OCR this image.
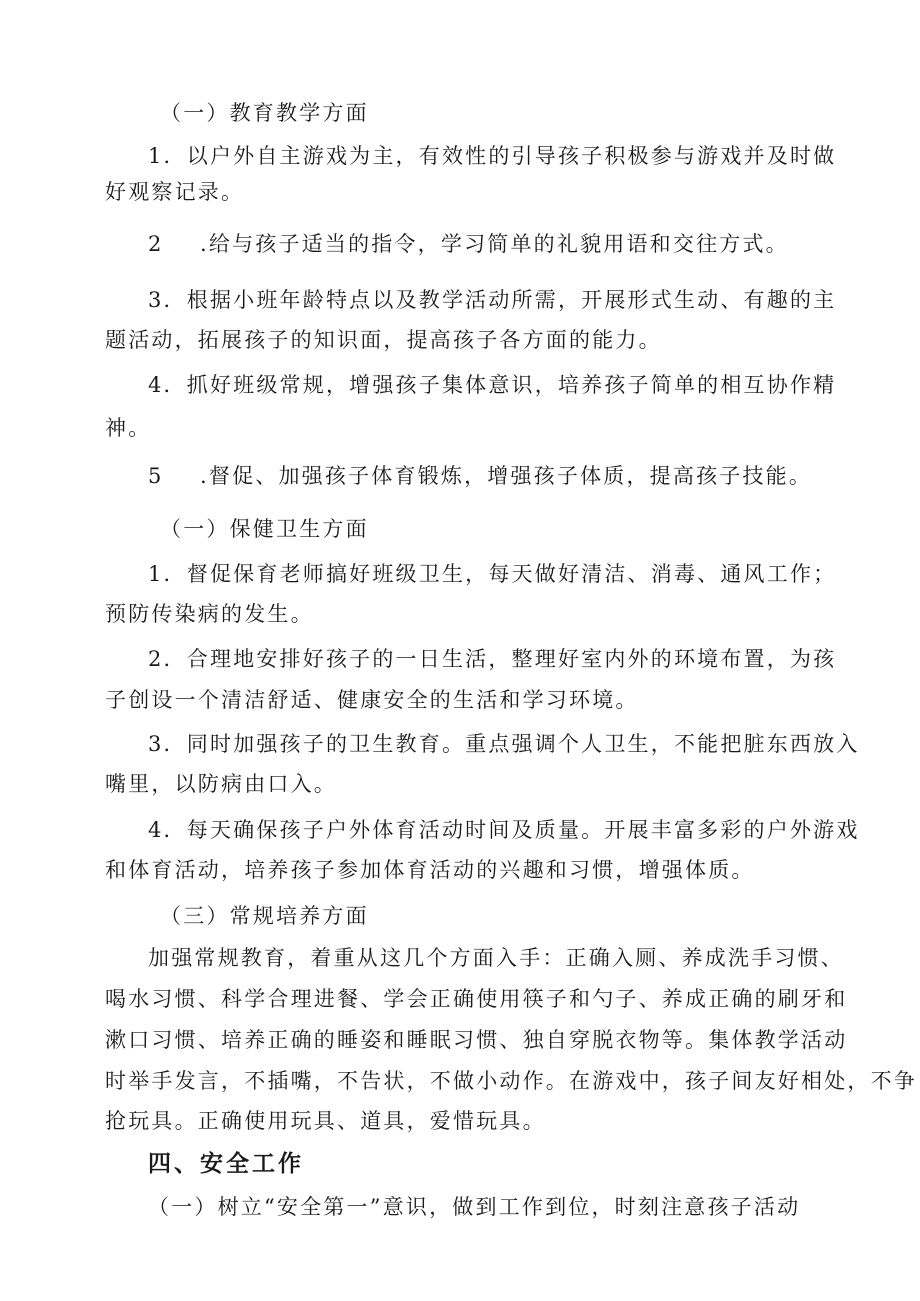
（一）教育教学方面
1．以户外自主游戏为主，有效性的引导孩子积极参与游戏并及时做
好观察记录。
2 .给与孩子适当的指令，学习简单的礼貌用语和交往方式。
3．根据小班年龄特点以及教学活动所需，开展形式生动、有趣的主
题活动，拓展孩子的知识面，提高孩子各方面的能力。
4．抓好班级常规，增强孩子集体意识，培养孩子简单的相互协作精
神。
5 .督促、加强孩子体育锻炼，增强孩子体质，提高孩子技能。
（一）保健卫生方面
1．督促保育老师搞好班级卫生，每天做好清洁、消毒、通风工作；
预防传染病的发生。
2．合理地安排好孩子的一日生活，整理好室内外的环境布置，为孩
子创设一个清洁舒适、健康安全的生活和学习环境。
3．同时加强孩子的卫生教育。重点强调个人卫生，不能把脏东西放入
嘴里，以防病由口入。
4．每天确保孩子户外体育活动时间及质量。开展丰富多彩的户外游戏
和体育活动，培养孩子参加体育活动的兴趣和习惯，增强体质。
（三）常规培养方面
加强常规教育，着重从这几个方面入手：正确入厕、养成洗手习惯、
喝水习惯、科学合理进餐、学会正确使用筷子和勺子、养成正确的刷牙和
漱口习惯、培养正确的睡姿和睡眠习惯、独自穿脱衣物等。集体教学活动
时举手发言，不插嘴，不告状，不做小动作。在游戏中，孩子间友好相处，不争
抢玩具。正确使用玩具、道具，爱惜玩具。
四、安全工作
（一）树立“安全第一”意识，做到工作到位，时刻注意孩子活动
